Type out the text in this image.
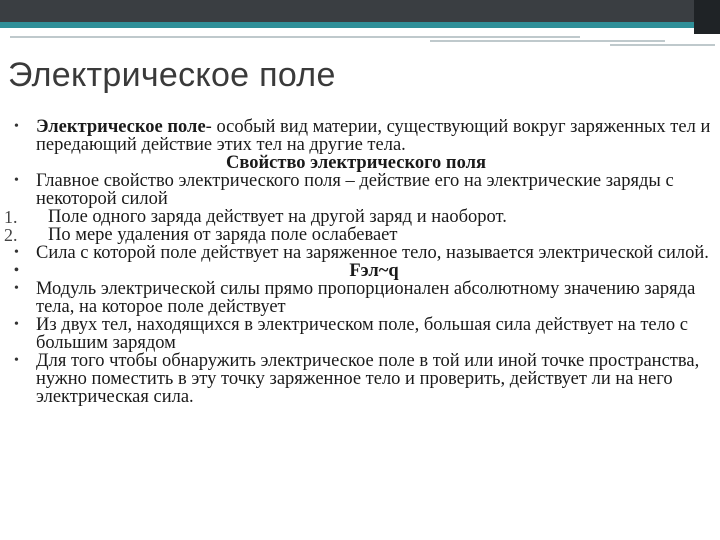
Электрическое поле
• Электрическое поле- особый вид материи, существующий вокруг заряженных тел и передающий действие этих тел на другие тела.
Свойство электрического поля
• Главное свойство электрического поля – действие его на электрические заряды с некоторой силой
1. Поле одного заряда действует на другой заряд и наоборот.
2. По мере удаления от заряда поле ослабевает
• Сила с которой поле действует на заряженное тело, называется электрической силой.
•	Fэл~q
• Модуль электрической силы прямо пропорционален абсолютному значению заряда тела, на которое поле действует
• Из двух тел, находящихся в электрическом поле, большая сила действует на тело с большим зарядом
• Для того чтобы обнаружить электрическое поле в той или иной точке пространства, нужно поместить в эту точку заряженное тело и проверить, действует ли на него электрическая сила.
